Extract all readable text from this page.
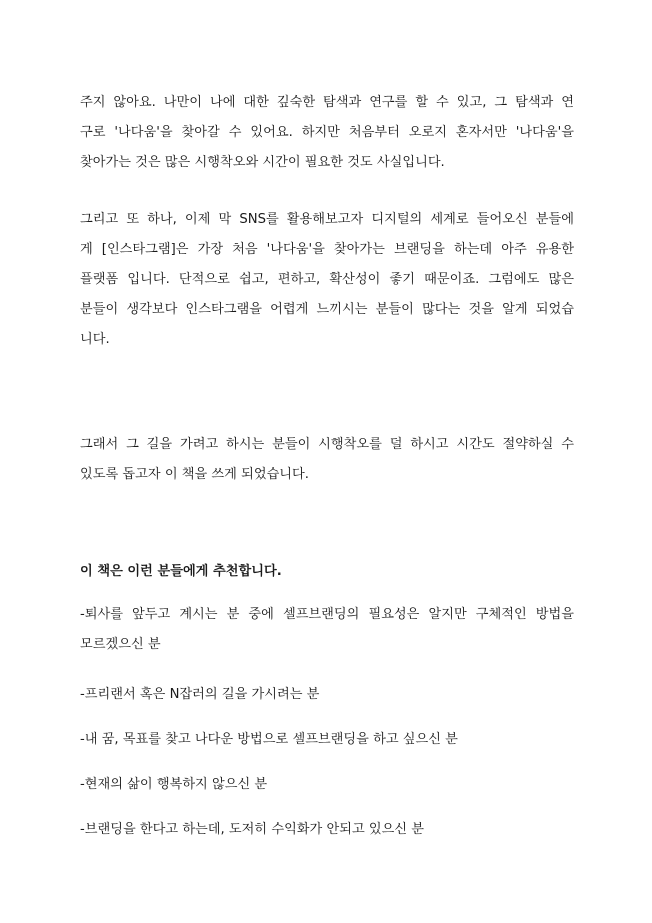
주지 않아요. 나만이 나에 대한 깊숙한 탐색과 연구를 할 수 있고, 그 탐색과 연
구로 '나다움'을 찾아갈 수 있어요. 하지만 처음부터 오로지 혼자서만 '나다움'을
찾아가는 것은 많은 시행착오와 시간이 필요한 것도 사실입니다.
그리고 또 하나, 이제 막 SNS를 활용해보고자 디지털의 세계로 들어오신 분들에
게 [인스타그램]은 가장 처음 '나다움'을 찾아가는 브랜딩을 하는데 아주 유용한
플랫폼 입니다. 단적으로 쉽고, 편하고, 확산성이 좋기 때문이죠. 그럼에도 많은
분들이 생각보다 인스타그램을 어렵게 느끼시는 분들이 많다는 것을 알게 되었습
니다.
그래서 그 길을 가려고 하시는 분들이 시행착오를 덜 하시고 시간도 절약하실 수
있도록 돕고자 이 책을 쓰게 되었습니다.
이 책은 이런 분들에게 추천합니다.
-퇴사를 앞두고 계시는 분 중에 셀프브랜딩의 필요성은 알지만 구체적인 방법을
모르겠으신 분
-프리랜서 혹은 N잡러의 길을 가시려는 분
-내 꿈, 목표를 찾고 나다운 방법으로 셀프브랜딩을 하고 싶으신 분
-현재의 삶이 행복하지 않으신 분
-브랜딩을 한다고 하는데, 도저히 수익화가 안되고 있으신 분
